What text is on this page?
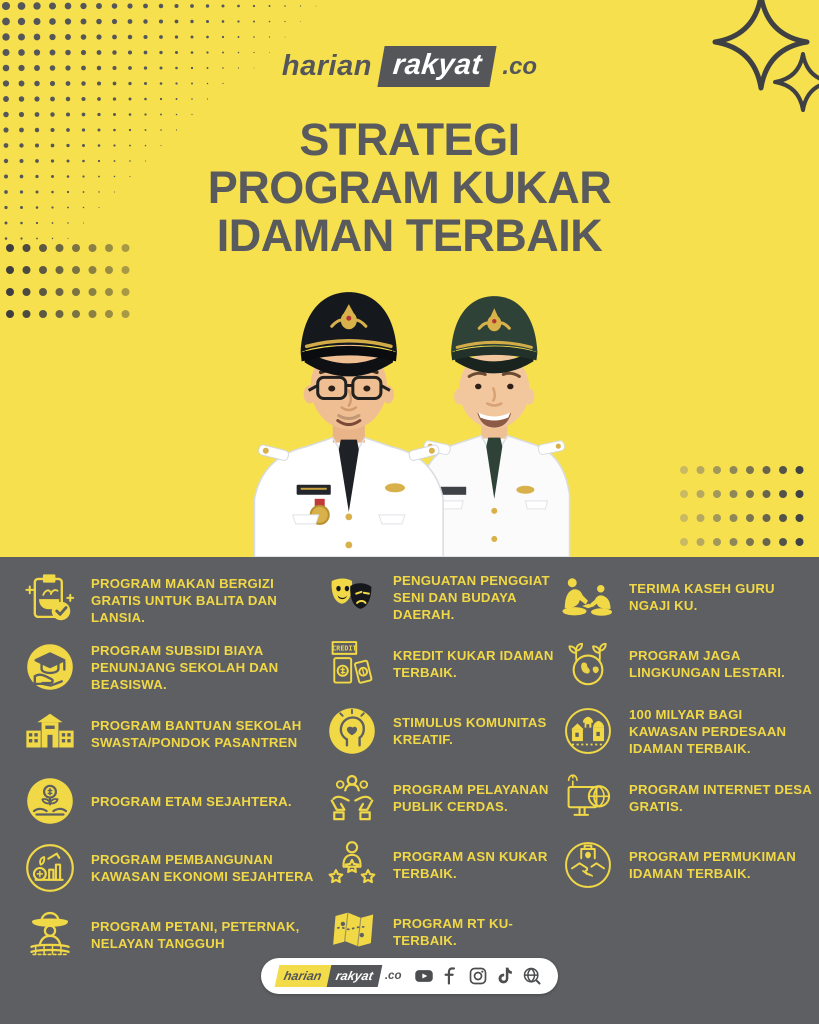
harian rakyat .co
STRATEGI
PROGRAM KUKAR
IDAMAN TERBAIK
PROGRAM MAKAN BERGIZI GRATIS UNTUK BALITA DAN LANSIA.
PROGRAM SUBSIDI BIAYA PENUNJANG SEKOLAH DAN BEASISWA.
PROGRAM BANTUAN SEKOLAH SWASTA/PONDOK PASANTREN
PROGRAM ETAM SEJAHTERA.
PROGRAM PEMBANGUNAN KAWASAN EKONOMI SEJAHTERA
PROGRAM PETANI, PETERNAK, NELAYAN TANGGUH
PENGUATAN PENGGIAT SENI DAN BUDAYA DAERAH.
CREDIT	KREDIT KUKAR IDAMAN TERBAIK.
STIMULUS KOMUNITAS KREATIF.
PROGRAM PELAYANAN PUBLIK CERDAS.
PROGRAM ASN KUKAR TERBAIK.
PROGRAM RT KU-TERBAIK.
TERIMA KASEH GURU NGAJI KU.
PROGRAM JAGA LINGKUNGAN LESTARI.
100 MILYAR BAGI KAWASAN PERDESAAN IDAMAN TERBAIK.
PROGRAM INTERNET DESA GRATIS.
PROGRAM PERMUKIMAN IDAMAN TERBAIK.
harian rakyat .co
